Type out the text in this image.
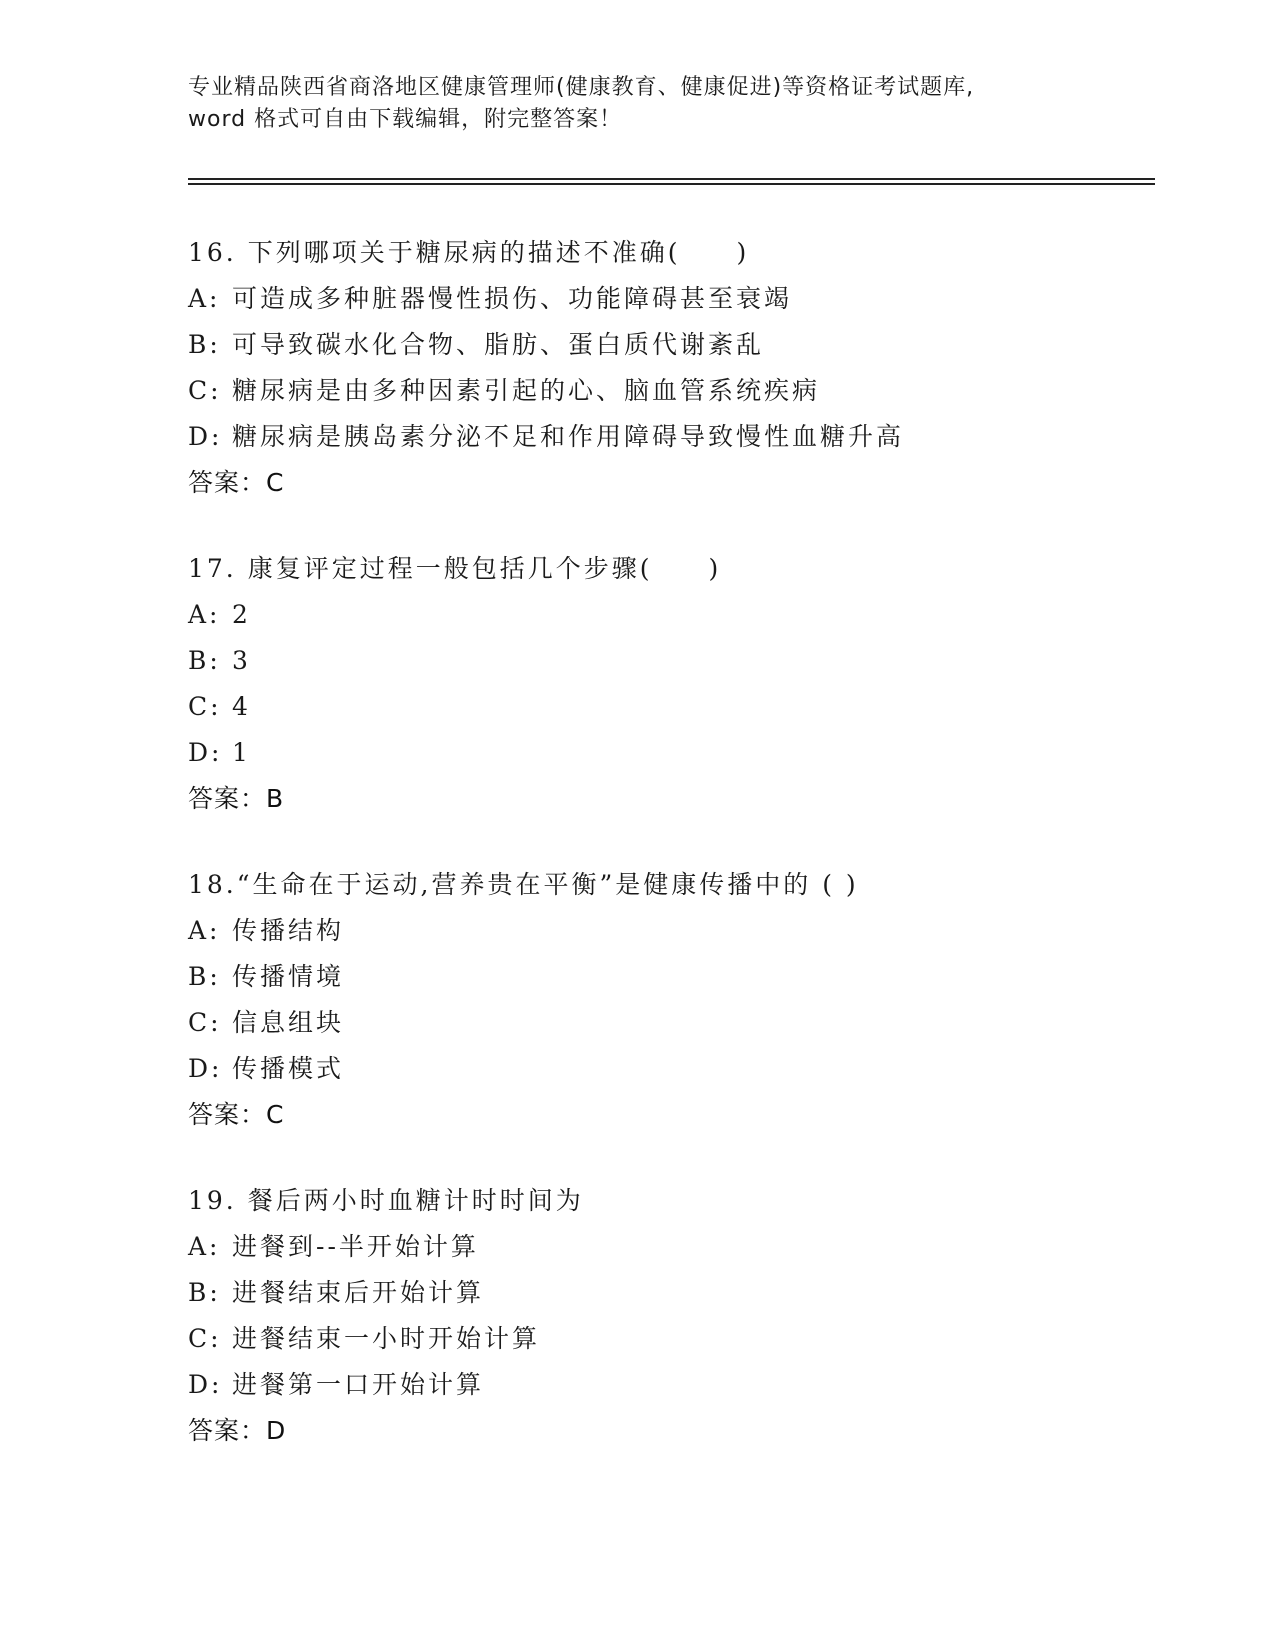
专业精品陕西省商洛地区健康管理师(健康教育、健康促进)等资格证考试题库,
word 格式可自由下载编辑，附完整答案！
16. 下列哪项关于糖尿病的描述不准确(　　)
A: 可造成多种脏器慢性损伤、功能障碍甚至衰竭
B: 可导致碳水化合物、脂肪、蛋白质代谢紊乱
C: 糖尿病是由多种因素引起的心、脑血管系统疾病
D: 糖尿病是胰岛素分泌不足和作用障碍导致慢性血糖升高
答案：C
17. 康复评定过程一般包括几个步骤(　　)
A: 2
B: 3
C: 4
D: 1
答案：B
18.“生命在于运动,营养贵在平衡”是健康传播中的 ( )
A: 传播结构
B: 传播情境
C: 信息组块
D: 传播模式
答案：C
19. 餐后两小时血糖计时时间为
A: 进餐到--半开始计算
B: 进餐结束后开始计算
C: 进餐结束一小时开始计算
D: 进餐第一口开始计算
答案：D
